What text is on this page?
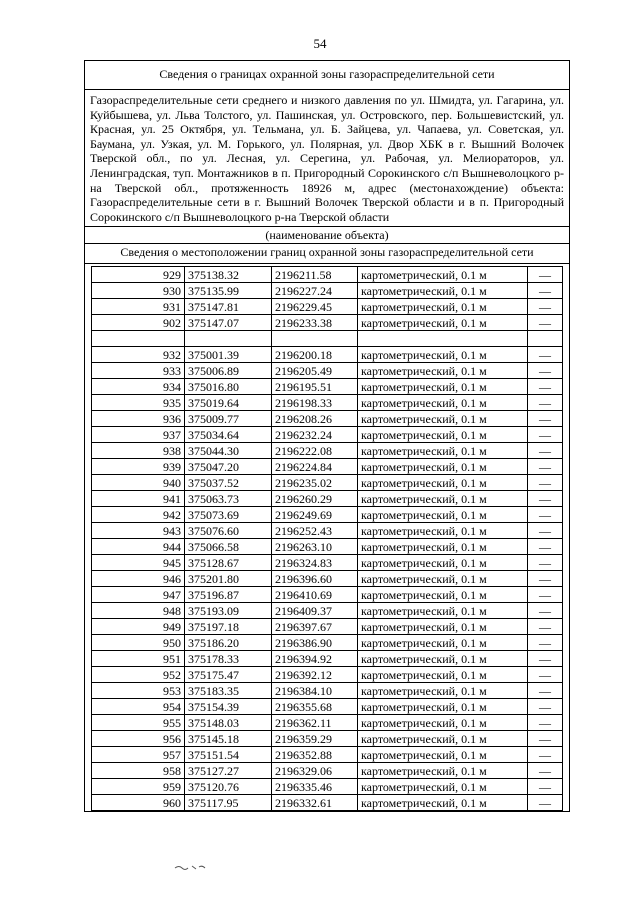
54
Сведения о границах охранной зоны газораспределительной сети
Газораспределительные сети среднего и низкого давления по ул. Шмидта, ул. Гагарина, ул. Куйбышева, ул. Льва Толстого, ул. Пашинская, ул. Островского, пер. Большевистский, ул. Красная, ул. 25 Октября, ул. Тельмана, ул. Б. Зайцева, ул. Чапаева, ул. Советская, ул. Баумана, ул. Узкая, ул. М. Горького, ул. Полярная, ул. Двор ХБК в г. Вышний Волочек Тверской обл., по ул. Лесная, ул. Серегина, ул. Рабочая, ул. Мелиораторов, ул. Ленинградская, туп. Монтажников в п. Пригородный Сорокинского с/п Вышневолоцкого р-на Тверской обл., протяженность 18926 м, адрес (местонахождение) объекта: Газораспределительные сети в г. Вышний Волочек Тверской области и в п. Пригородный Сорокинского с/п Вышневолоцкого р-на Тверской области
(наименование объекта)
Сведения о местоположении границ охранной зоны газораспределительной сети
929	375138.32	2196211.58	картометрический, 0.1 м	—
930	375135.99	2196227.24	картометрический, 0.1 м	—
931	375147.81	2196229.45	картометрический, 0.1 м	—
902	375147.07	2196233.38	картометрический, 0.1 м	—

932	375001.39	2196200.18	картометрический, 0.1 м	—
933	375006.89	2196205.49	картометрический, 0.1 м	—
934	375016.80	2196195.51	картометрический, 0.1 м	—
935	375019.64	2196198.33	картометрический, 0.1 м	—
936	375009.77	2196208.26	картометрический, 0.1 м	—
937	375034.64	2196232.24	картометрический, 0.1 м	—
938	375044.30	2196222.08	картометрический, 0.1 м	—
939	375047.20	2196224.84	картометрический, 0.1 м	—
940	375037.52	2196235.02	картометрический, 0.1 м	—
941	375063.73	2196260.29	картометрический, 0.1 м	—
942	375073.69	2196249.69	картометрический, 0.1 м	—
943	375076.60	2196252.43	картометрический, 0.1 м	—
944	375066.58	2196263.10	картометрический, 0.1 м	—
945	375128.67	2196324.83	картометрический, 0.1 м	—
946	375201.80	2196396.60	картометрический, 0.1 м	—
947	375196.87	2196410.69	картометрический, 0.1 м	—
948	375193.09	2196409.37	картометрический, 0.1 м	—
949	375197.18	2196397.67	картометрический, 0.1 м	—
950	375186.20	2196386.90	картометрический, 0.1 м	—
951	375178.33	2196394.92	картометрический, 0.1 м	—
952	375175.47	2196392.12	картометрический, 0.1 м	—
953	375183.35	2196384.10	картометрический, 0.1 м	—
954	375154.39	2196355.68	картометрический, 0.1 м	—
955	375148.03	2196362.11	картометрический, 0.1 м	—
956	375145.18	2196359.29	картометрический, 0.1 м	—
957	375151.54	2196352.88	картометрический, 0.1 м	—
958	375127.27	2196329.06	картометрический, 0.1 м	—
959	375120.76	2196335.46	картометрический, 0.1 м	—
960	375117.95	2196332.61	картометрический, 0.1 м	—
